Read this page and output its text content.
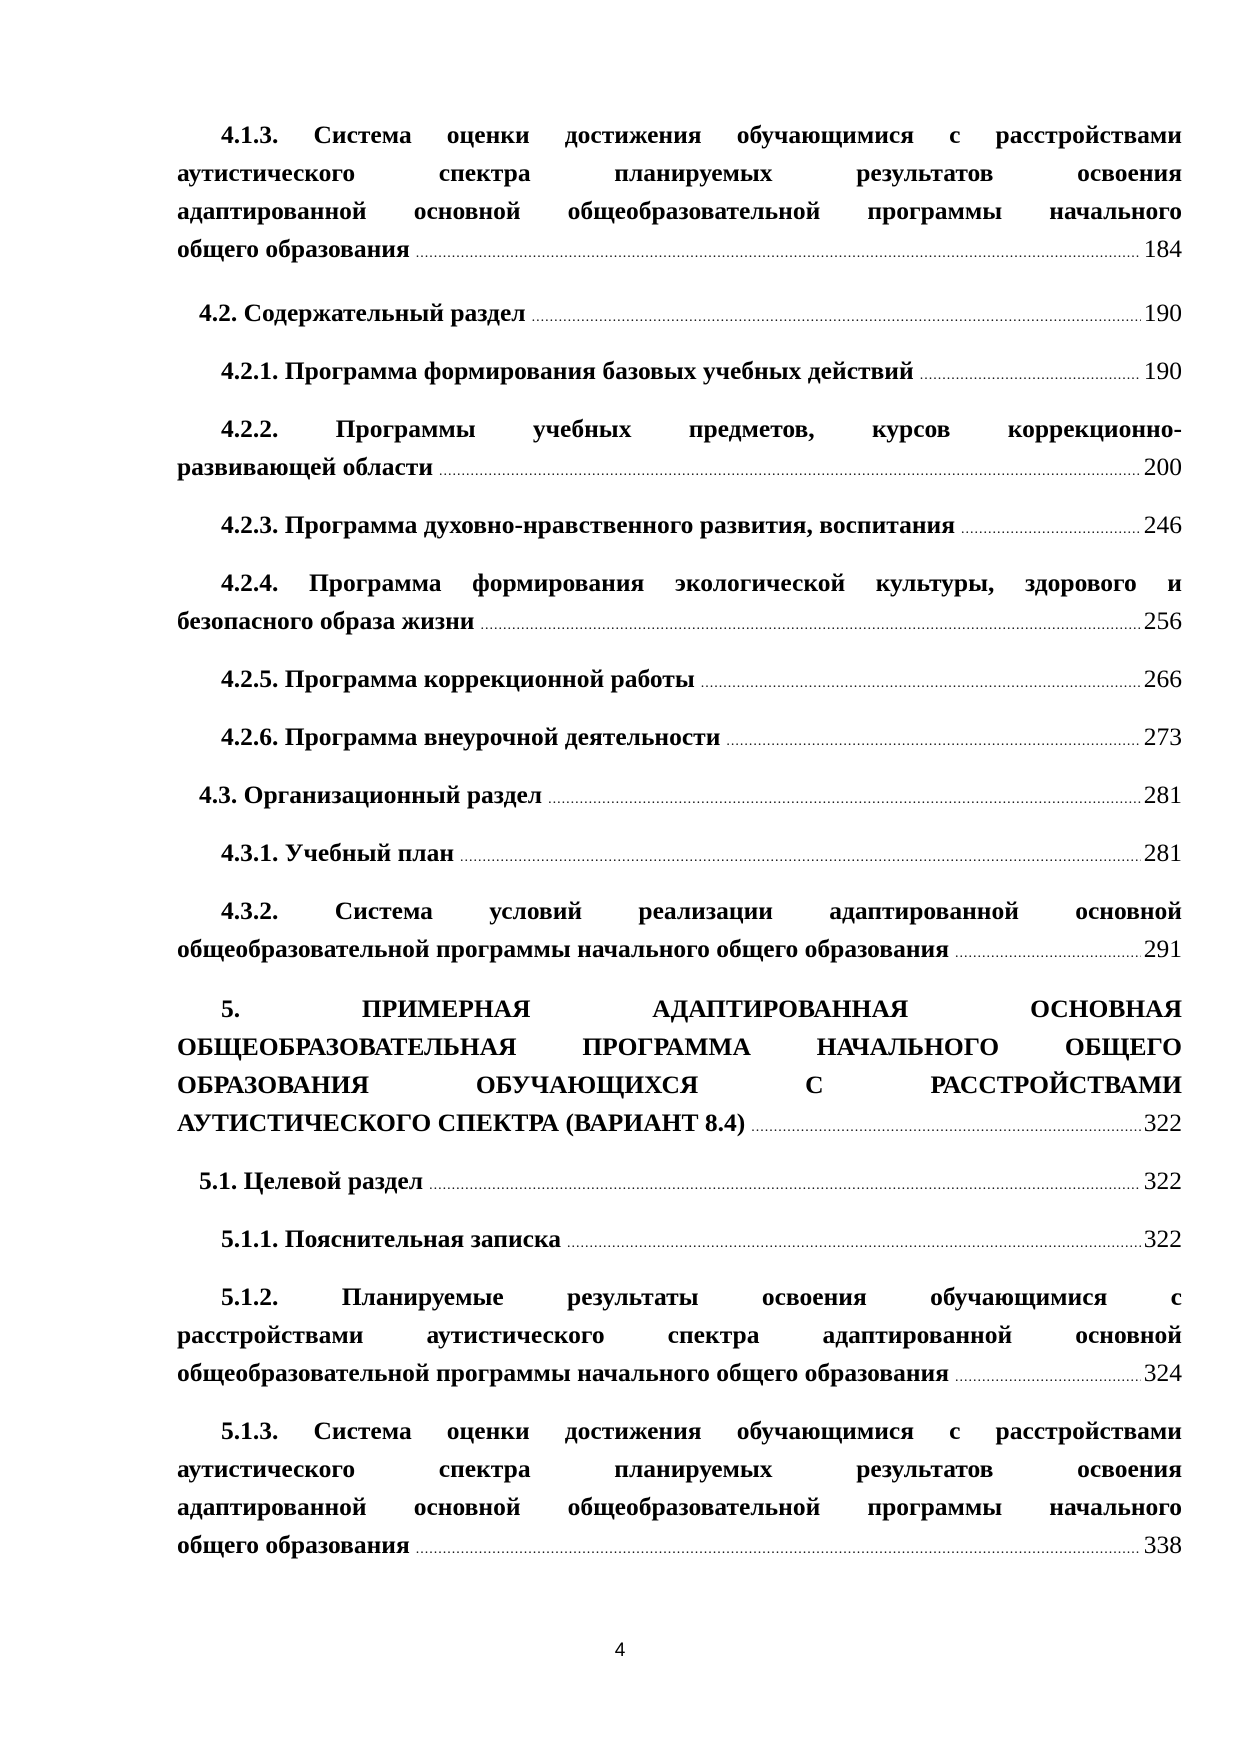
4.1.3. Система оценки достижения обучающимися с расстройствами
аутистического спектра планируемых результатов освоения
адаптированной основной общеобразовательной программы начального
общего образования .....	184
4.2. Содержательный раздел .....	190
4.2.1. Программа формирования базовых учебных действий .....	190
4.2.2. Программы учебных предметов, курсов коррекционно-
развивающей области .....	200
4.2.3. Программа духовно-нравственного развития, воспитания .....	246
4.2.4. Программа формирования экологической культуры, здорового и
безопасного образа жизни .....	256
4.2.5. Программа коррекционной работы .....	266
4.2.6. Программа внеурочной деятельности .....	273
4.3. Организационный раздел .....	281
4.3.1. Учебный план .....	281
4.3.2. Система условий реализации адаптированной основной
общеобразовательной программы начального общего образования .....	291
5. ПРИМЕРНАЯ АДАПТИРОВАННАЯ ОСНОВНАЯ
ОБЩЕОБРАЗОВАТЕЛЬНАЯ ПРОГРАММА НАЧАЛЬНОГО ОБЩЕГО
ОБРАЗОВАНИЯ ОБУЧАЮЩИХСЯ С РАССТРОЙСТВАМИ
АУТИСТИЧЕСКОГО СПЕКТРА (ВАРИАНТ 8.4) .....	322
5.1. Целевой раздел .....	322
5.1.1. Пояснительная записка .....	322
5.1.2. Планируемые результаты освоения обучающимися с
расстройствами аутистического спектра адаптированной основной
общеобразовательной программы начального общего образования .....	324
5.1.3. Система оценки достижения обучающимися с расстройствами
аутистического спектра планируемых результатов освоения
адаптированной основной общеобразовательной программы начального
общего образования .....	338
4
